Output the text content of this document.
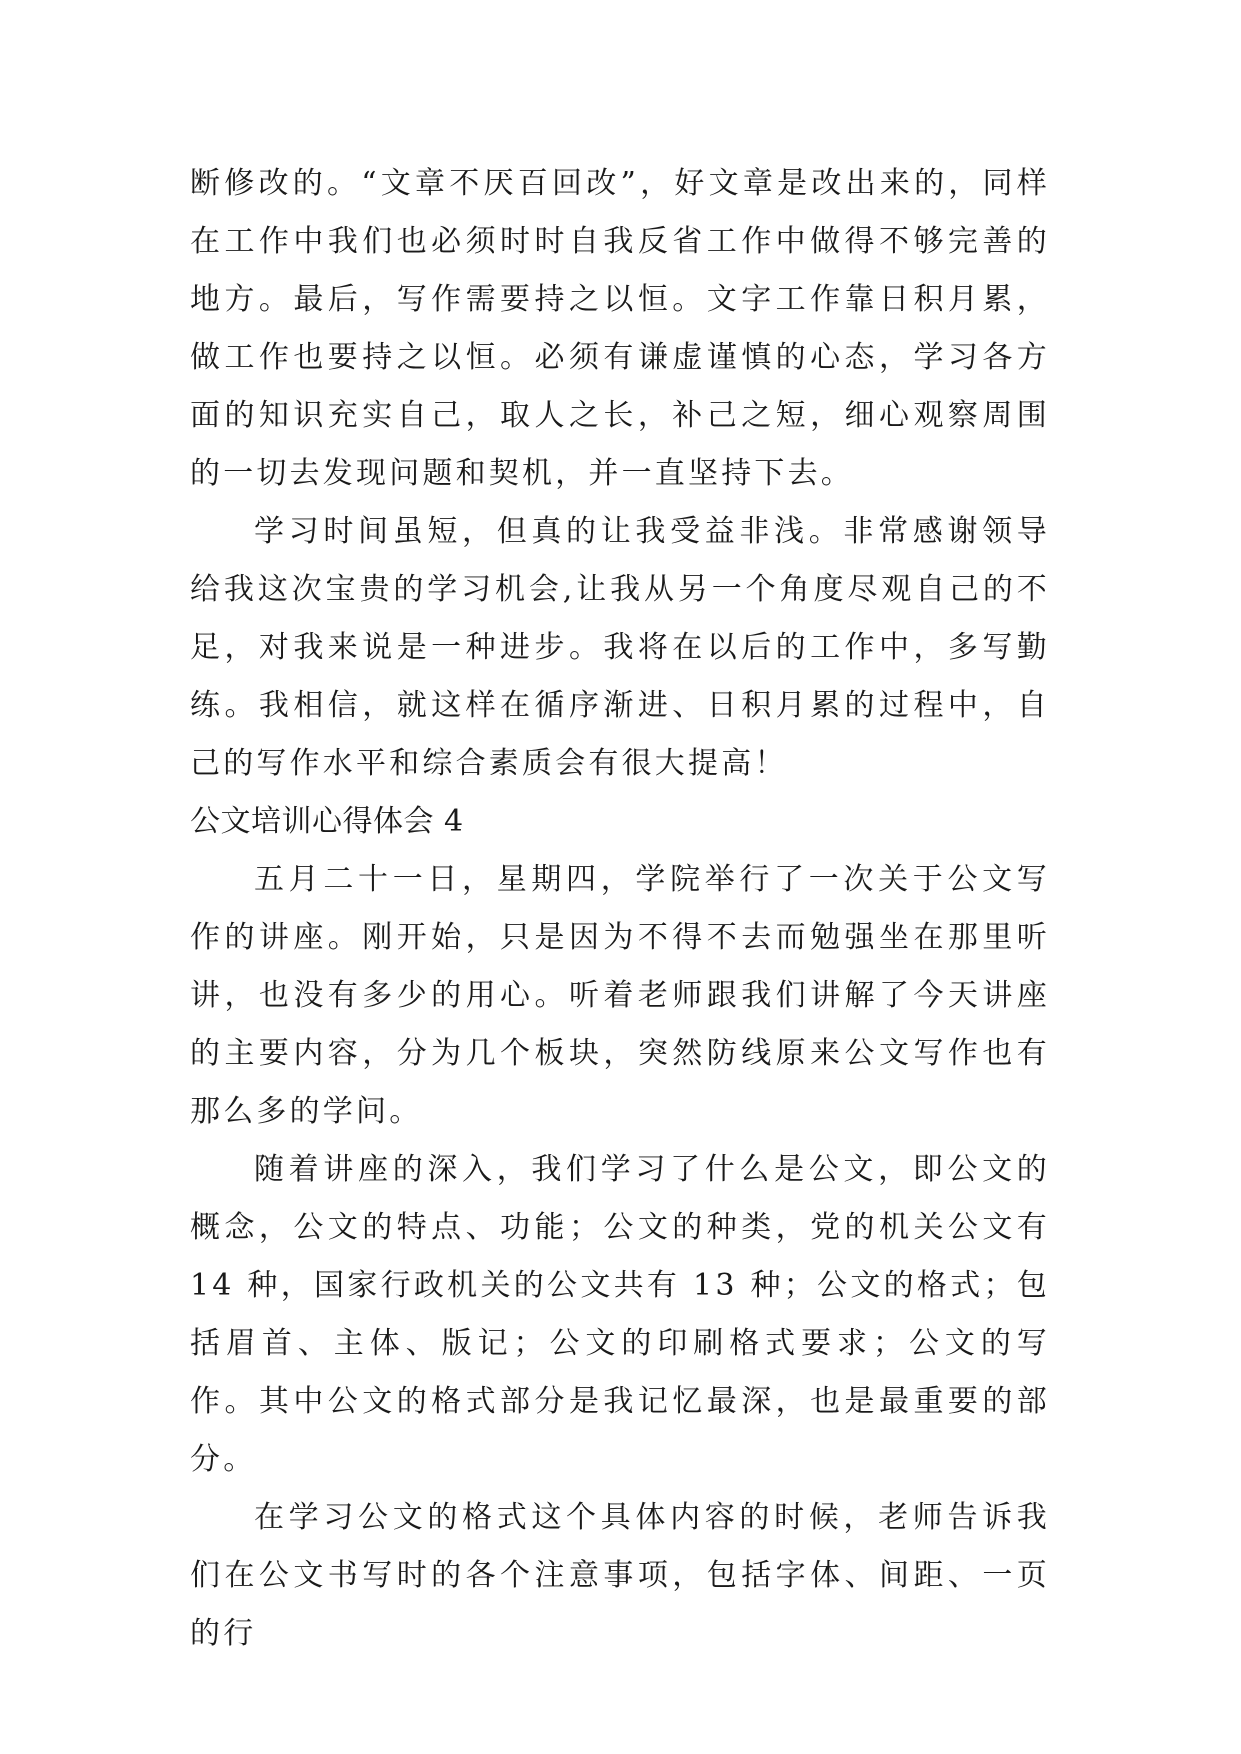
断修改的。“文章不厌百回改”，好文章是改出来的，同样在工作中我们也必须时时自我反省工作中做得不够完善的地方。最后，写作需要持之以恒。文字工作靠日积月累，做工作也要持之以恒。必须有谦虚谨慎的心态，学习各方面的知识充实自己，取人之长，补己之短，细心观察周围的一切去发现问题和契机，并一直坚持下去。

学习时间虽短，但真的让我受益非浅。非常感谢领导给我这次宝贵的学习机会,让我从另一个角度尽观自己的不足，对我来说是一种进步。我将在以后的工作中，多写勤练。我相信，就这样在循序渐进、日积月累的过程中，自己的写作水平和综合素质会有很大提高！

公文培训心得体会 4

五月二十一日，星期四，学院举行了一次关于公文写作的讲座。刚开始，只是因为不得不去而勉强坐在那里听讲，也没有多少的用心。听着老师跟我们讲解了今天讲座的主要内容，分为几个板块，突然防线原来公文写作也有那么多的学问。

随着讲座的深入，我们学习了什么是公文，即公文的概念，公文的特点、功能；公文的种类，党的机关公文有 14 种，国家行政机关的公文共有 13 种；公文的格式；包括眉首、主体、版记；公文的印刷格式要求；公文的写作。其中公文的格式部分是我记忆最深，也是最重要的部分。

在学习公文的格式这个具体内容的时候，老师告诉我们在公文书写时的各个注意事项，包括字体、间距、一页的行
